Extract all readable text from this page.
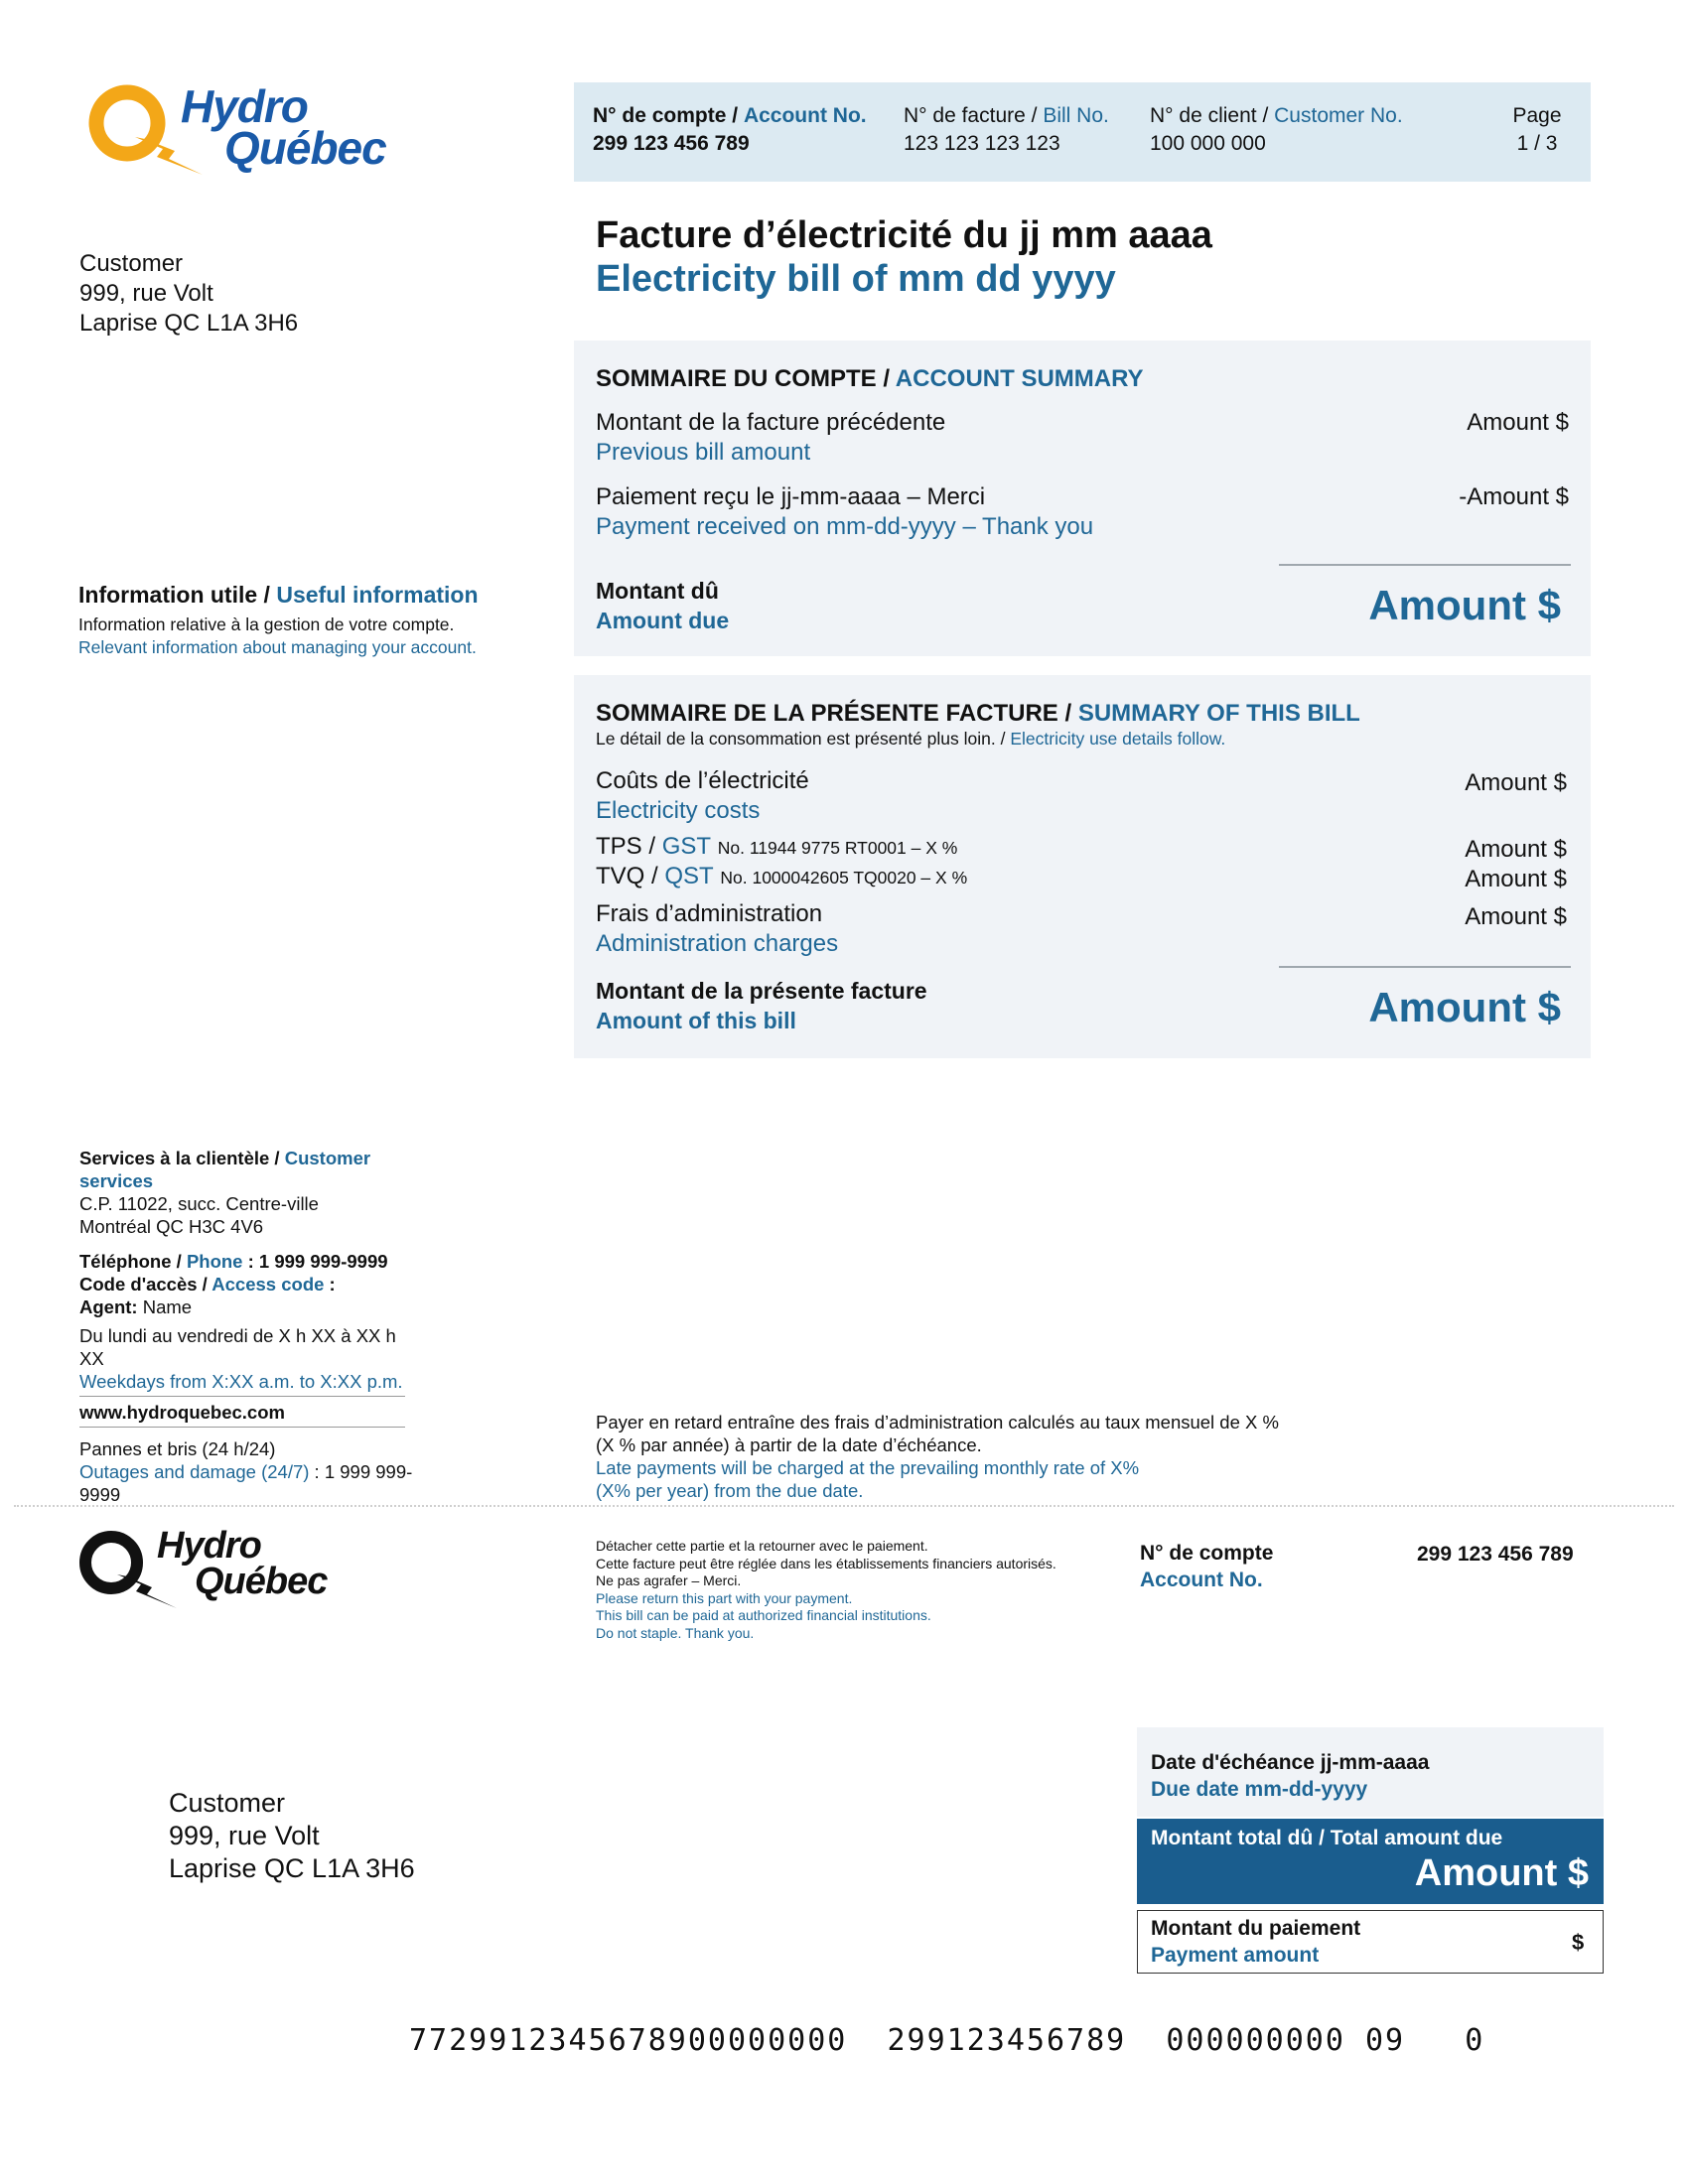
Hydro
Québec
N° de compte / Account No.
299 123 456 789
N° de facture / Bill No.
123 123 123 123
N° de client / Customer No.
100 000 000
Page
1 / 3
Facture d’électricité du jj mm aaaa
Electricity bill of mm dd yyyy
Customer
999, rue Volt
Laprise QC L1A 3H6
Information utile / Useful information
Information relative à la gestion de votre compte.
Relevant information about managing your account.
SOMMAIRE DU COMPTE / ACCOUNT SUMMARY
Montant de la facture précédente
Previous bill amount
Amount $
Paiement reçu le jj-mm-aaaa – Merci
Payment received on mm-dd-yyyy – Thank you
-Amount $
Montant dû
Amount due	Amount $
SOMMAIRE DE LA PRÉSENTE FACTURE / SUMMARY OF THIS BILL
Le détail de la consommation est présenté plus loin. / Electricity use details follow.
Coûts de l’électricité
Electricity costs
Amount $
TPS / GST No. 11944 9775 RT0001 – X %	Amount $
TVQ / QST No. 1000042605 TQ0020 – X %	Amount $
Frais d’administration
Administration charges
Amount $
Montant de la présente facture
Amount of this bill	Amount $
Services à la clientèle / Customer services
C.P. 11022, succ. Centre-ville
Montréal QC H3C 4V6
Téléphone / Phone : 1 999 999-9999
Code d'accès / Access code :
Agent: Name
Du lundi au vendredi de X h XX à XX h XX
Weekdays from X:XX a.m. to X:XX p.m.
www.hydroquebec.com
Pannes et bris (24 h/24)
Outages and damage (24/7) : 1 999 999-9999
Payer en retard entraîne des frais d’administration calculés au taux mensuel de X %
(X % par année) à partir de la date d’échéance.
Late payments will be charged at the prevailing monthly rate of X%
(X% per year) from the due date.
Hydro
Québec
Détacher cette partie et la retourner avec le paiement.
Cette facture peut être réglée dans les établissements financiers autorisés.
Ne pas agrafer – Merci.
Please return this part with your payment.
This bill can be paid at authorized financial institutions.
Do not staple. Thank you.
N° de compte
Account No.
299 123 456 789
Customer
999, rue Volt
Laprise QC L1A 3H6
Date d'échéance jj-mm-aaaa
Due date mm-dd-yyyy
Montant total dû / Total amount due
Amount $
Montant du paiement
Payment amount
$
7729912345678900000000  299123456789  000000000 09   0
